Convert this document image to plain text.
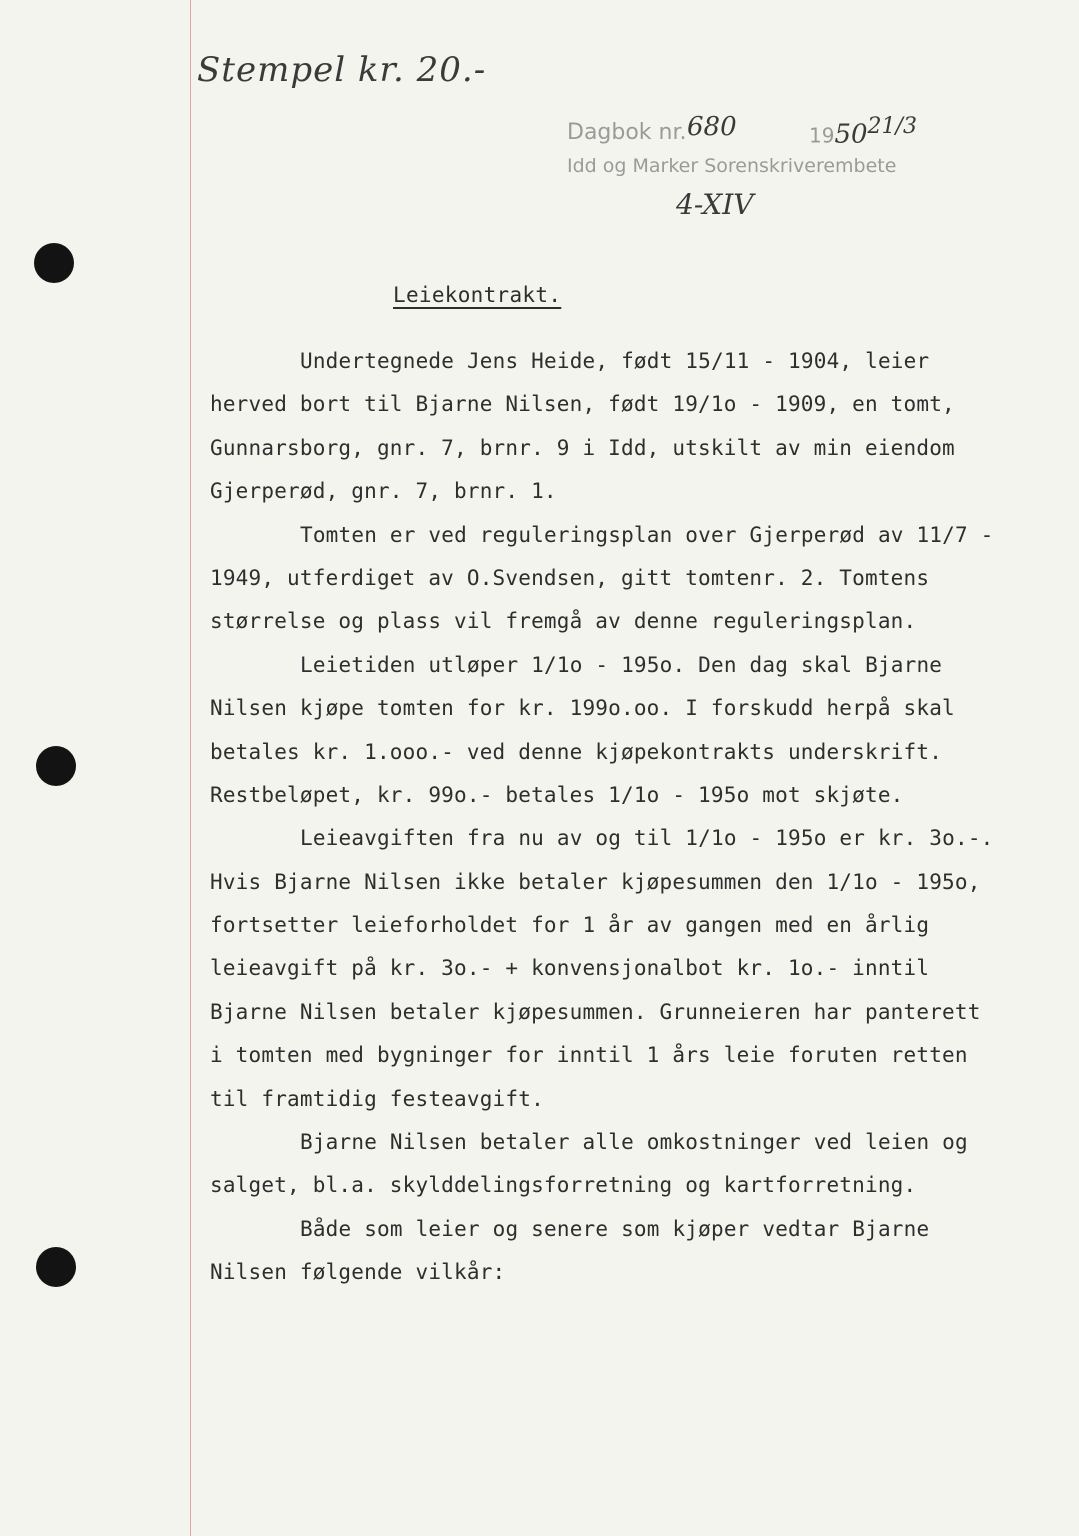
Stempel kr. 20.-
Dagbok nr. 680	$1950^{21/3}$
Idd og Marker Sorenskriverembete
4-XIV
Leiekontrakt.
Undertegnede Jens Heide, født 15/11 - 1904, leier
herved bort til Bjarne Nilsen, født 19/1o - 1909, en tomt,
Gunnarsborg, gnr. 7, brnr. 9 i Idd, utskilt av min eiendom
Gjerperød, gnr. 7, brnr. 1.
Tomten er ved reguleringsplan over Gjerperød av 11/7 -
1949, utferdiget av O.Svendsen, gitt tomtenr. 2. Tomtens
størrelse og plass vil fremgå av denne reguleringsplan.
Leietiden utløper 1/1o - 195o. Den dag skal Bjarne
Nilsen kjøpe tomten for kr. 199o.oo. I forskudd herpå skal
betales kr. 1.ooo.- ved denne kjøpekontrakts underskrift.
Restbeløpet, kr. 99o.- betales 1/1o - 195o mot skjøte.
Leieavgiften fra nu av og til 1/1o - 195o er kr. 3o.-.
Hvis Bjarne Nilsen ikke betaler kjøpesummen den 1/1o - 195o,
fortsetter leieforholdet for 1 år av gangen med en årlig
leieavgift på kr. 3o.- + konvensjonalbot kr. 1o.- inntil
Bjarne Nilsen betaler kjøpesummen. Grunneieren har panterett
i tomten med bygninger for inntil 1 års leie foruten retten
til framtidig festeavgift.
Bjarne Nilsen betaler alle omkostninger ved leien og
salget, bl.a. skylddelingsforretning og kartforretning.
Både som leier og senere som kjøper vedtar Bjarne
Nilsen følgende vilkår:
